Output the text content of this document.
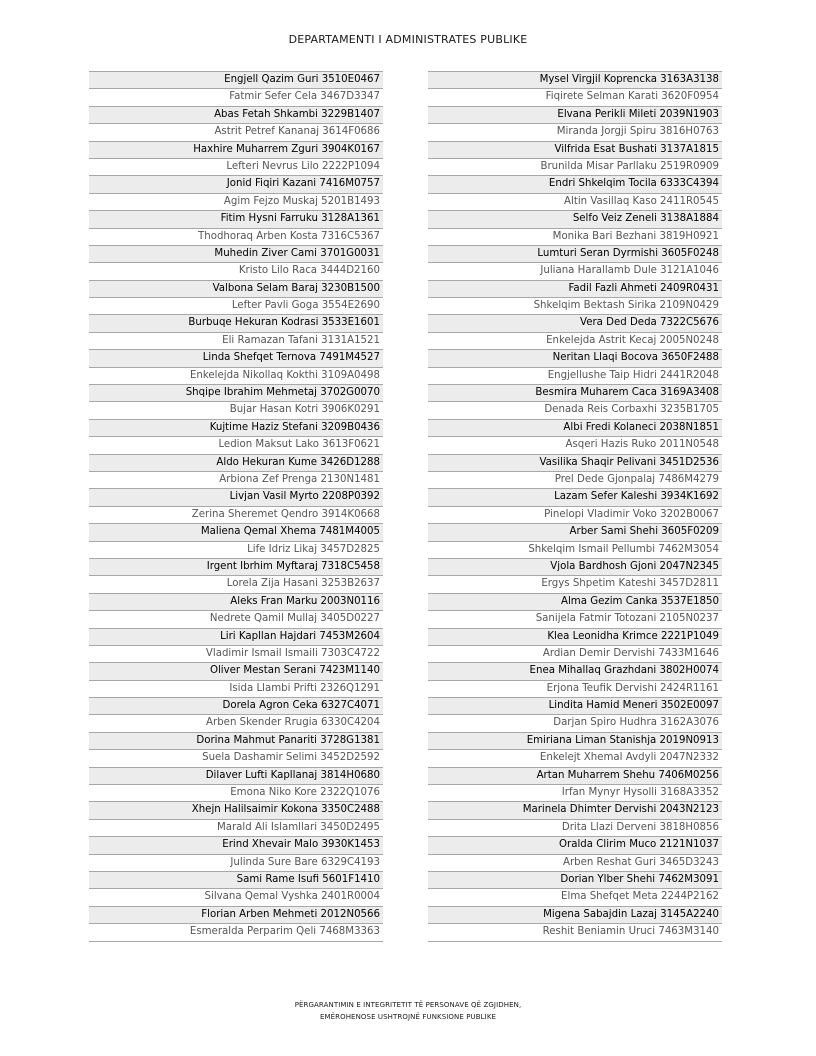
DEPARTAMENTI I ADMINISTRATES PUBLIKE
Engjell Qazim Guri 3510E0467
Fatmir Sefer Cela 3467D3347
Abas Fetah Shkambi 3229B1407
Astrit Petref Kananaj 3614F0686
Haxhire Muharrem Zguri 3904K0167
Lefteri Nevrus Lilo 2222P1094
Jonid Fiqiri Kazani 7416M0757
Agim Fejzo Muskaj 5201B1493
Fitim Hysni Farruku 3128A1361
Thodhoraq Arben Kosta 7316C5367
Muhedin Ziver Cami 3701G0031
Kristo Lilo Raca 3444D2160
Valbona Selam Baraj 3230B1500
Lefter Pavli Goga 3554E2690
Burbuqe Hekuran Kodrasi 3533E1601
Eli Ramazan Tafani 3131A1521
Linda Shefqet Ternova 7491M4527
Enkelejda Nikollaq Kokthi 3109A0498
Shqipe Ibrahim Mehmetaj 3702G0070
Bujar Hasan Kotri 3906K0291
Kujtime Haziz Stefani 3209B0436
Ledion Maksut Lako 3613F0621
Aldo Hekuran Kume 3426D1288
Arbiona Zef Prenga 2130N1481
Livjan Vasil Myrto 2208P0392
Zerina Sheremet Qendro 3914K0668
Maliena Qemal Xhema 7481M4005
Life Idriz Likaj 3457D2825
Irgent Ibrhim Myftaraj 7318C5458
Lorela Zija Hasani 3253B2637
Aleks Fran Marku 2003N0116
Nedrete Qamil Mullaj 3405D0227
Liri Kapllan Hajdari 7453M2604
Vladimir Ismail Ismaili 7303C4722
Oliver Mestan Serani 7423M1140
Isida Llambi Prifti 2326Q1291
Dorela Agron Ceka 6327C4071
Arben Skender Rrugia 6330C4204
Dorina Mahmut Panariti 3728G1381
Suela Dashamir Selimi 3452D2592
Dilaver Lufti Kapllanaj 3814H0680
Emona Niko Kore 2322Q1076
Xhejn Halilsaimir Kokona 3350C2488
Marald Ali Islamllari 3450D2495
Erind Xhevair Malo 3930K1453
Julinda Sure Bare 6329C4193
Sami Rame Isufi 5601F1410
Silvana Qemal Vyshka 2401R0004
Florian Arben Mehmeti 2012N0566
Esmeralda Perparim Qeli 7468M3363
Mysel Virgjil Koprencka 3163A3138
Fiqirete Selman Karati 3620F0954
Elvana Perikli Mileti 2039N1903
Miranda Jorgji Spiru 3816H0763
Vilfrida Esat Bushati 3137A1815
Brunilda Misar Parllaku 2519R0909
Endri Shkelqim Tocila 6333C4394
Altin Vasillaq Kaso 2411R0545
Selfo Veiz Zeneli 3138A1884
Monika Bari Bezhani 3819H0921
Lumturi Seran Dyrmishi 3605F0248
Juliana Harallamb Dule 3121A1046
Fadil Fazli Ahmeti 2409R0431
Shkelqim Bektash Sirika 2109N0429
Vera Ded Deda 7322C5676
Enkelejda Astrit Kecaj 2005N0248
Neritan Llaqi Bocova 3650F2488
Engjellushe Taip Hidri 2441R2048
Besmira Muharem Caca 3169A3408
Denada Reis Corbaxhi 3235B1705
Albi Fredi Kolaneci 2038N1851
Asqeri Hazis Ruko 2011N0548
Vasilika Shaqir Pelivani 3451D2536
Prel Dede Gjonpalaj 7486M4279
Lazam Sefer Kaleshi 3934K1692
Pinelopi Vladimir Voko 3202B0067
Arber Sami Shehi 3605F0209
Shkelqim Ismail Pellumbi 7462M3054
Vjola Bardhosh Gjoni 2047N2345
Ergys Shpetim Kateshi 3457D2811
Alma Gezim Canka 3537E1850
Sanijela Fatmir Totozani 2105N0237
Klea Leonidha Krimce 2221P1049
Ardian Demir Dervishi 7433M1646
Enea Mihallaq Grazhdani 3802H0074
Erjona Teufik Dervishi 2424R1161
Lindita Hamid Meneri 3502E0097
Darjan Spiro Hudhra 3162A3076
Emiriana Liman Stanishja 2019N0913
Enkelejt Xhemal Avdyli 2047N2332
Artan Muharrem Shehu 7406M0256
Irfan Mynyr Hysolli 3168A3352
Marinela Dhimter Dervishi 2043N2123
Drita Llazi Derveni 3818H0856
Oralda Clirim Muco 2121N1037
Arben Reshat Guri 3465D3243
Dorian Ylber Shehi 7462M3091
Elma Shefqet Meta 2244P2162
Migena Sabajdin Lazaj 3145A2240
Reshit Beniamin Uruci 7463M3140
PËRGARANTIMIN E INTEGRITETIT TË PERSONAVE QË ZGJIDHEN,
EMËROHENOSE USHTROJNË FUNKSIONE PUBLIKE
